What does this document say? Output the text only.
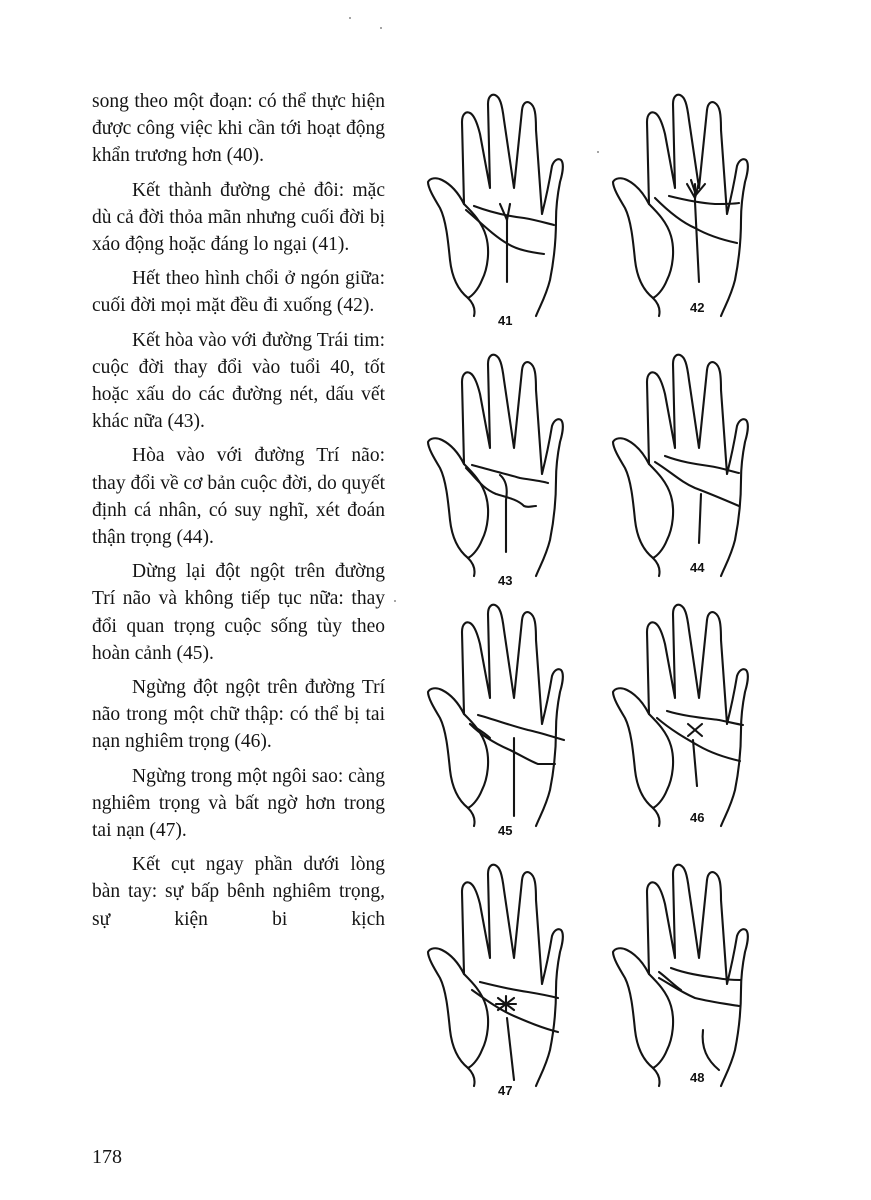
song theo một đoạn: có thể thực hiện được công việc khi cần tới hoạt động khẩn trương hơn (40).

Kết thành đường chẻ đôi: mặc dù cả đời thỏa mãn nhưng cuối đời bị xáo động hoặc đáng lo ngại (41).

Hết theo hình chổi ở ngón giữa: cuối đời mọi mặt đều đi xuống (42).

Kết hòa vào với đường Trái tim: cuộc đời thay đổi vào tuổi 40, tốt hoặc xấu do các đường nét, dấu vết khác nữa (43).

Hòa vào với đường Trí não: thay đổi về cơ bản cuộc đời, do quyết định cá nhân, có suy nghĩ, xét đoán thận trọng (44).

Dừng lại đột ngột trên đường Trí não và không tiếp tục nữa: thay đổi quan trọng cuộc sống tùy theo hoàn cảnh (45).

Ngừng đột ngột trên đường Trí não trong một chữ thập: có thể bị tai nạn nghiêm trọng (46).

Ngừng trong một ngôi sao: càng nghiêm trọng và bất ngờ hơn trong tai nạn (47).

Kết cụt ngay phần dưới lòng bàn tay: sự bấp bênh nghiêm trọng, sự kiện bi kịch

178
41
42
43
44
45
46
47
48
